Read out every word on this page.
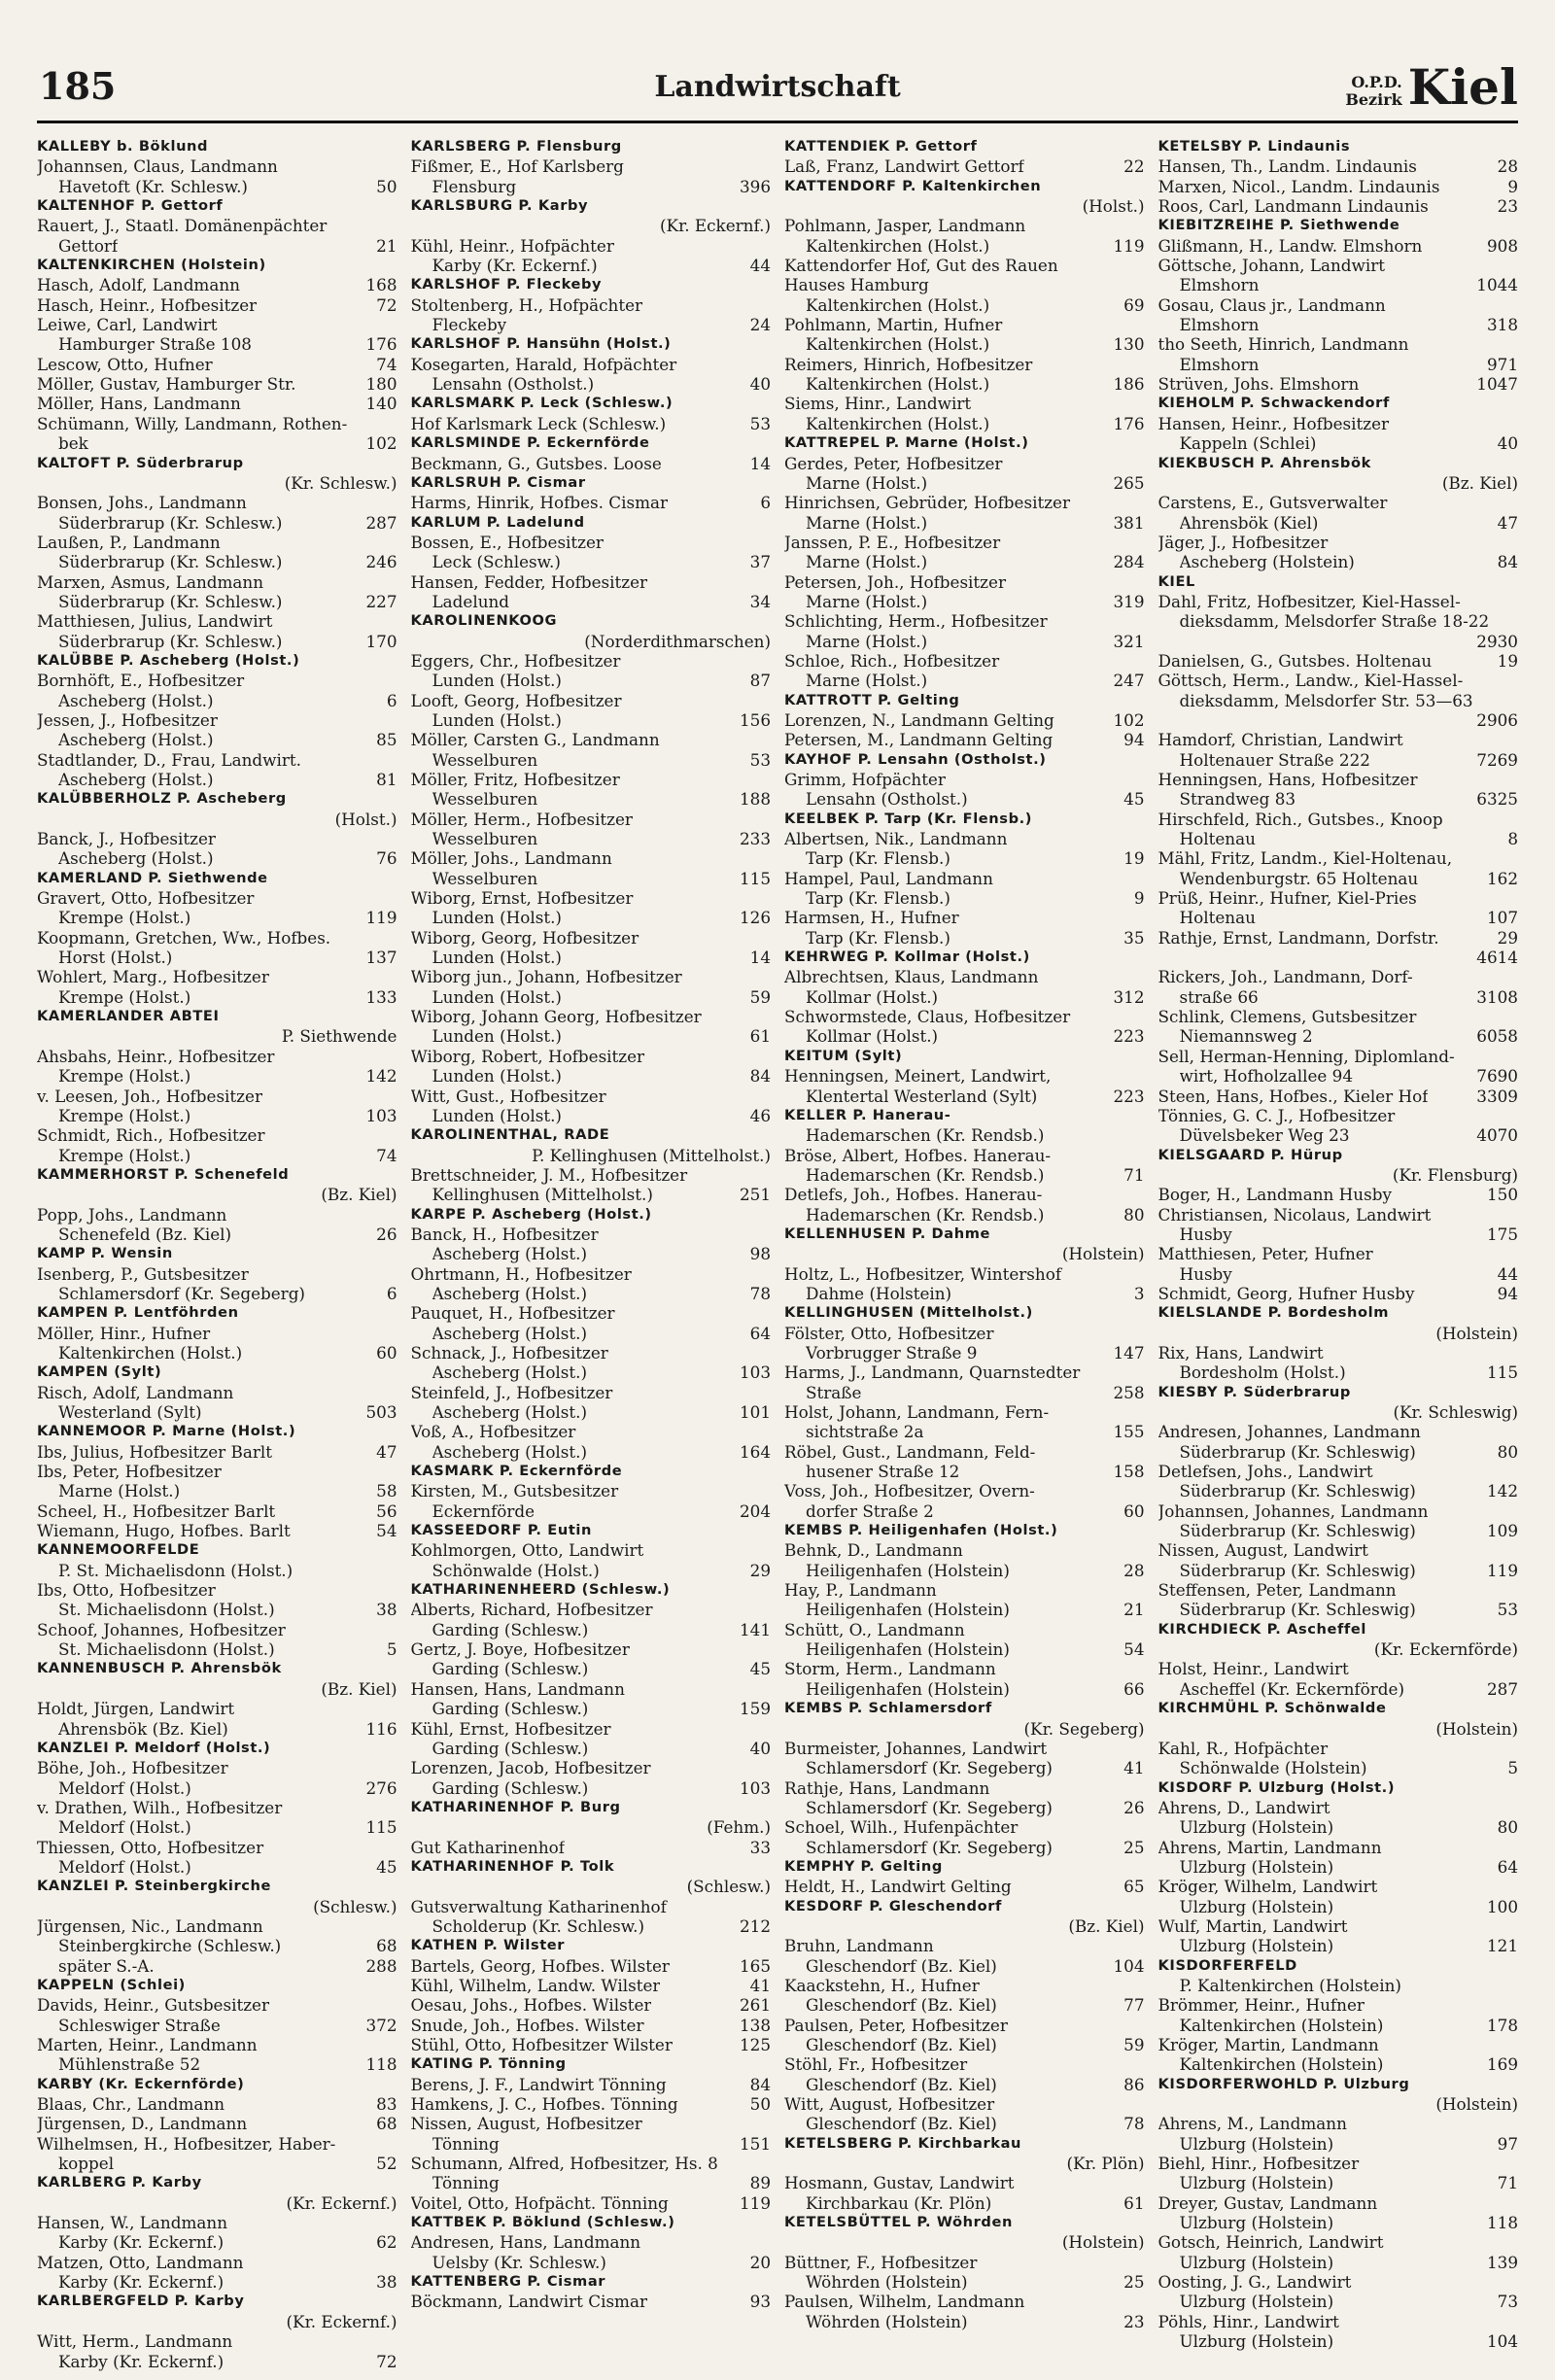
185	Landwirtschaft	O.P.D.
Bezirk Kiel
KALLEBY b. Böklund
Johannsen, Claus, Landmann
Havetoft (Kr. Schlesw.)	50
KALTENHOF P. Gettorf
Rauert, J., Staatl. Domänenpächter
Gettorf	21
KALTENKIRCHEN (Holstein)
Hasch, Adolf, Landmann	168
Hasch, Heinr., Hofbesitzer	72
Leiwe, Carl, Landwirt
Hamburger Straße 108	176
Lescow, Otto, Hufner	74
Möller, Gustav, Hamburger Str.	180
Möller, Hans, Landmann	140
Schümann, Willy, Landmann, Rothen-
bek	102
KALTOFT P. Süderbrarup
(Kr. Schlesw.)
Bonsen, Johs., Landmann
Süderbrarup (Kr. Schlesw.)	287
Laußen, P., Landmann
Süderbrarup (Kr. Schlesw.)	246
Marxen, Asmus, Landmann
Süderbrarup (Kr. Schlesw.)	227
Matthiesen, Julius, Landwirt
Süderbrarup (Kr. Schlesw.)	170
KALÜBBE P. Ascheberg (Holst.)
Bornhöft, E., Hofbesitzer
Ascheberg (Holst.)	6
Jessen, J., Hofbesitzer
Ascheberg (Holst.)	85
Stadtlander, D., Frau, Landwirt.
Ascheberg (Holst.)	81
KALÜBBERHOLZ P. Ascheberg
(Holst.)
Banck, J., Hofbesitzer
Ascheberg (Holst.)	76
KAMERLAND P. Siethwende
Gravert, Otto, Hofbesitzer
Krempe (Holst.)	119
Koopmann, Gretchen, Ww., Hofbes.
Horst (Holst.)	137
Wohlert, Marg., Hofbesitzer
Krempe (Holst.)	133
KAMERLANDER ABTEI
P. Siethwende
Ahsbahs, Heinr., Hofbesitzer
Krempe (Holst.)	142
v. Leesen, Joh., Hofbesitzer
Krempe (Holst.)	103
Schmidt, Rich., Hofbesitzer
Krempe (Holst.)	74
KAMMERHORST P. Schenefeld
(Bz. Kiel)
Popp, Johs., Landmann
Schenefeld (Bz. Kiel)	26
KAMP P. Wensin
Isenberg, P., Gutsbesitzer
Schlamersdorf (Kr. Segeberg)	6
KAMPEN P. Lentföhrden
Möller, Hinr., Hufner
Kaltenkirchen (Holst.)	60
KAMPEN (Sylt)
Risch, Adolf, Landmann
Westerland (Sylt)	503
KANNEMOOR P. Marne (Holst.)
Ibs, Julius, Hofbesitzer Barlt	47
Ibs, Peter, Hofbesitzer
Marne (Holst.)	58
Scheel, H., Hofbesitzer Barlt	56
Wiemann, Hugo, Hofbes. Barlt	54
KANNEMOORFELDE
P. St. Michaelisdonn (Holst.)
Ibs, Otto, Hofbesitzer
St. Michaelisdonn (Holst.)	38
Schoof, Johannes, Hofbesitzer
St. Michaelisdonn (Holst.)	5
KANNENBUSCH P. Ahrensbök
(Bz. Kiel)
Holdt, Jürgen, Landwirt
Ahrensbök (Bz. Kiel)	116
KANZLEI P. Meldorf (Holst.)
Böhe, Joh., Hofbesitzer
Meldorf (Holst.)	276
v. Drathen, Wilh., Hofbesitzer
Meldorf (Holst.)	115
Thiessen, Otto, Hofbesitzer
Meldorf (Holst.)	45
KANZLEI P. Steinbergkirche
(Schlesw.)
Jürgensen, Nic., Landmann
Steinbergkirche (Schlesw.)	68
später S.-A.	288
KAPPELN (Schlei)
Davids, Heinr., Gutsbesitzer
Schleswiger Straße	372
Marten, Heinr., Landmann
Mühlenstraße 52	118
KARBY (Kr. Eckernförde)
Blaas, Chr., Landmann	83
Jürgensen, D., Landmann	68
Wilhelmsen, H., Hofbesitzer, Haber-
koppel	52
KARLBERG P. Karby
(Kr. Eckernf.)
Hansen, W., Landmann
Karby (Kr. Eckernf.)	62
Matzen, Otto, Landmann
Karby (Kr. Eckernf.)	38
KARLBERGFELD P. Karby
(Kr. Eckernf.)
Witt, Herm., Landmann
Karby (Kr. Eckernf.)	72
KARLSBERG P. Flensburg
Fißmer, E., Hof Karlsberg
Flensburg	396
KARLSBURG P. Karby
(Kr. Eckernf.)
Kühl, Heinr., Hofpächter
Karby (Kr. Eckernf.)	44
KARLSHOF P. Fleckeby
Stoltenberg, H., Hofpächter
Fleckeby	24
KARLSHOF P. Hansühn (Holst.)
Kosegarten, Harald, Hofpächter
Lensahn (Ostholst.)	40
KARLSMARK P. Leck (Schlesw.)
Hof Karlsmark Leck (Schlesw.)	53
KARLSMINDE P. Eckernförde
Beckmann, G., Gutsbes. Loose	14
KARLSRUH P. Cismar
Harms, Hinrik, Hofbes. Cismar	6
KARLUM P. Ladelund
Bossen, E., Hofbesitzer
Leck (Schlesw.)	37
Hansen, Fedder, Hofbesitzer
Ladelund	34
KAROLINENKOOG
(Norderdithmarschen)
Eggers, Chr., Hofbesitzer
Lunden (Holst.)	87
Looft, Georg, Hofbesitzer
Lunden (Holst.)	156
Möller, Carsten G., Landmann
Wesselburen	53
Möller, Fritz, Hofbesitzer
Wesselburen	188
Möller, Herm., Hofbesitzer
Wesselburen	233
Möller, Johs., Landmann
Wesselburen	115
Wiborg, Ernst, Hofbesitzer
Lunden (Holst.)	126
Wiborg, Georg, Hofbesitzer
Lunden (Holst.)	14
Wiborg jun., Johann, Hofbesitzer
Lunden (Holst.)	59
Wiborg, Johann Georg, Hofbesitzer
Lunden (Holst.)	61
Wiborg, Robert, Hofbesitzer
Lunden (Holst.)	84
Witt, Gust., Hofbesitzer
Lunden (Holst.)	46
KAROLINENTHAL, RADE
P. Kellinghusen (Mittelholst.)
Brettschneider, J. M., Hofbesitzer
Kellinghusen (Mittelholst.)	251
KARPE P. Ascheberg (Holst.)
Banck, H., Hofbesitzer
Ascheberg (Holst.)	98
Ohrtmann, H., Hofbesitzer
Ascheberg (Holst.)	78
Pauquet, H., Hofbesitzer
Ascheberg (Holst.)	64
Schnack, J., Hofbesitzer
Ascheberg (Holst.)	103
Steinfeld, J., Hofbesitzer
Ascheberg (Holst.)	101
Voß, A., Hofbesitzer
Ascheberg (Holst.)	164
KASMARK P. Eckernförde
Kirsten, M., Gutsbesitzer
Eckernförde	204
KASSEEDORF P. Eutin
Kohlmorgen, Otto, Landwirt
Schönwalde (Holst.)	29
KATHARINENHEERD (Schlesw.)
Alberts, Richard, Hofbesitzer
Garding (Schlesw.)	141
Gertz, J. Boye, Hofbesitzer
Garding (Schlesw.)	45
Hansen, Hans, Landmann
Garding (Schlesw.)	159
Kühl, Ernst, Hofbesitzer
Garding (Schlesw.)	40
Lorenzen, Jacob, Hofbesitzer
Garding (Schlesw.)	103
KATHARINENHOF P. Burg
(Fehm.)
Gut Katharinenhof	33
KATHARINENHOF P. Tolk
(Schlesw.)
Gutsverwaltung Katharinenhof
Scholderup (Kr. Schlesw.)	212
KATHEN P. Wilster
Bartels, Georg, Hofbes. Wilster	165
Kühl, Wilhelm, Landw. Wilster	41
Oesau, Johs., Hofbes. Wilster	261
Snude, Joh., Hofbes. Wilster	138
Stühl, Otto, Hofbesitzer Wilster	125
KATING P. Tönning
Berens, J. F., Landwirt Tönning	84
Hamkens, J. C., Hofbes. Tönning	50
Nissen, August, Hofbesitzer
Tönning	151
Schumann, Alfred, Hofbesitzer, Hs. 8
Tönning	89
Voitel, Otto, Hofpächt. Tönning	119
KATTBEK P. Böklund (Schlesw.)
Andresen, Hans, Landmann
Uelsby (Kr. Schlesw.)	20
KATTENBERG P. Cismar
Böckmann, Landwirt Cismar	93
KATTENDIEK P. Gettorf
Laß, Franz, Landwirt Gettorf	22
KATTENDORF P. Kaltenkirchen
(Holst.)
Pohlmann, Jasper, Landmann
Kaltenkirchen (Holst.)	119
Kattendorfer Hof, Gut des Rauen
Hauses Hamburg
Kaltenkirchen (Holst.)	69
Pohlmann, Martin, Hufner
Kaltenkirchen (Holst.)	130
Reimers, Hinrich, Hofbesitzer
Kaltenkirchen (Holst.)	186
Siems, Hinr., Landwirt
Kaltenkirchen (Holst.)	176
KATTREPEL P. Marne (Holst.)
Gerdes, Peter, Hofbesitzer
Marne (Holst.)	265
Hinrichsen, Gebrüder, Hofbesitzer
Marne (Holst.)	381
Janssen, P. E., Hofbesitzer
Marne (Holst.)	284
Petersen, Joh., Hofbesitzer
Marne (Holst.)	319
Schlichting, Herm., Hofbesitzer
Marne (Holst.)	321
Schloe, Rich., Hofbesitzer
Marne (Holst.)	247
KATTROTT P. Gelting
Lorenzen, N., Landmann Gelting	102
Petersen, M., Landmann Gelting	94
KAYHOF P. Lensahn (Ostholst.)
Grimm, Hofpächter
Lensahn (Ostholst.)	45
KEELBEK P. Tarp (Kr. Flensb.)
Albertsen, Nik., Landmann
Tarp (Kr. Flensb.)	19
Hampel, Paul, Landmann
Tarp (Kr. Flensb.)	9
Harmsen, H., Hufner
Tarp (Kr. Flensb.)	35
KEHRWEG P. Kollmar (Holst.)
Albrechtsen, Klaus, Landmann
Kollmar (Holst.)	312
Schwormstede, Claus, Hofbesitzer
Kollmar (Holst.)	223
KEITUM (Sylt)
Henningsen, Meinert, Landwirt,
Klentertal Westerland (Sylt)	223
KELLER P. Hanerau-
Hademarschen (Kr. Rendsb.)
Bröse, Albert, Hofbes. Hanerau-
Hademarschen (Kr. Rendsb.)	71
Detlefs, Joh., Hofbes. Hanerau-
Hademarschen (Kr. Rendsb.)	80
KELLENHUSEN P. Dahme
(Holstein)
Holtz, L., Hofbesitzer, Wintershof
Dahme (Holstein)	3
KELLINGHUSEN (Mittelholst.)
Fölster, Otto, Hofbesitzer
Vorbrugger Straße 9	147
Harms, J., Landmann, Quarnstedter
Straße	258
Holst, Johann, Landmann, Fern-
sichtstraße 2a	155
Röbel, Gust., Landmann, Feld-
husener Straße 12	158
Voss, Joh., Hofbesitzer, Overn-
dorfer Straße 2	60
KEMBS P. Heiligenhafen (Holst.)
Behnk, D., Landmann
Heiligenhafen (Holstein)	28
Hay, P., Landmann
Heiligenhafen (Holstein)	21
Schütt, O., Landmann
Heiligenhafen (Holstein)	54
Storm, Herm., Landmann
Heiligenhafen (Holstein)	66
KEMBS P. Schlamersdorf
(Kr. Segeberg)
Burmeister, Johannes, Landwirt
Schlamersdorf (Kr. Segeberg)	41
Rathje, Hans, Landmann
Schlamersdorf (Kr. Segeberg)	26
Schoel, Wilh., Hufenpächter
Schlamersdorf (Kr. Segeberg)	25
KEMPHY P. Gelting
Heldt, H., Landwirt Gelting	65
KESDORF P. Gleschendorf
(Bz. Kiel)
Bruhn, Landmann
Gleschendorf (Bz. Kiel)	104
Kaackstehn, H., Hufner
Gleschendorf (Bz. Kiel)	77
Paulsen, Peter, Hofbesitzer
Gleschendorf (Bz. Kiel)	59
Stöhl, Fr., Hofbesitzer
Gleschendorf (Bz. Kiel)	86
Witt, August, Hofbesitzer
Gleschendorf (Bz. Kiel)	78
KETELSBERG P. Kirchbarkau
(Kr. Plön)
Hosmann, Gustav, Landwirt
Kirchbarkau (Kr. Plön)	61
KETELSBÜTTEL P. Wöhrden
(Holstein)
Büttner, F., Hofbesitzer
Wöhrden (Holstein)	25
Paulsen, Wilhelm, Landmann
Wöhrden (Holstein)	23
KETELSBY P. Lindaunis
Hansen, Th., Landm. Lindaunis	28
Marxen, Nicol., Landm. Lindaunis	9
Roos, Carl, Landmann Lindaunis	23
KIEBITZREIHE P. Siethwende
Glißmann, H., Landw. Elmshorn	908
Göttsche, Johann, Landwirt
Elmshorn	1044
Gosau, Claus jr., Landmann
Elmshorn	318
tho Seeth, Hinrich, Landmann
Elmshorn	971
Strüven, Johs. Elmshorn	1047
KIEHOLM P. Schwackendorf
Hansen, Heinr., Hofbesitzer
Kappeln (Schlei)	40
KIEKBUSCH P. Ahrensbök
(Bz. Kiel)
Carstens, E., Gutsverwalter
Ahrensbök (Kiel)	47
Jäger, J., Hofbesitzer
Ascheberg (Holstein)	84
KIEL
Dahl, Fritz, Hofbesitzer, Kiel-Hassel-
dieksdamm, Melsdorfer Straße 18-22
2930
Danielsen, G., Gutsbes. Holtenau	19
Göttsch, Herm., Landw., Kiel-Hassel-
dieksdamm, Melsdorfer Str. 53—63
2906
Hamdorf, Christian, Landwirt
Holtenauer Straße 222	7269
Henningsen, Hans, Hofbesitzer
Strandweg 83	6325
Hirschfeld, Rich., Gutsbes., Knoop
Holtenau	8
Mähl, Fritz, Landm., Kiel-Holtenau,
Wendenburgstr. 65 Holtenau	162
Prüß, Heinr., Hufner, Kiel-Pries
Holtenau	107
Rathje, Ernst, Landmann, Dorfstr.	29
4614
Rickers, Joh., Landmann, Dorf-
straße 66	3108
Schlink, Clemens, Gutsbesitzer
Niemannsweg 2	6058
Sell, Herman-Henning, Diplomland-
wirt, Hofholzallee 94	7690
Steen, Hans, Hofbes., Kieler Hof	3309
Tönnies, G. C. J., Hofbesitzer
Düvelsbeker Weg 23	4070
KIELSGAARD P. Hürup
(Kr. Flensburg)
Boger, H., Landmann Husby	150
Christiansen, Nicolaus, Landwirt
Husby	175
Matthiesen, Peter, Hufner
Husby	44
Schmidt, Georg, Hufner Husby	94
KIELSLANDE P. Bordesholm
(Holstein)
Rix, Hans, Landwirt
Bordesholm (Holst.)	115
KIESBY P. Süderbrarup
(Kr. Schleswig)
Andresen, Johannes, Landmann
Süderbrarup (Kr. Schleswig)	80
Detlefsen, Johs., Landwirt
Süderbrarup (Kr. Schleswig)	142
Johannsen, Johannes, Landmann
Süderbrarup (Kr. Schleswig)	109
Nissen, August, Landwirt
Süderbrarup (Kr. Schleswig)	119
Steffensen, Peter, Landmann
Süderbrarup (Kr. Schleswig)	53
KIRCHDIECK P. Ascheffel
(Kr. Eckernförde)
Holst, Heinr., Landwirt
Ascheffel (Kr. Eckernförde)	287
KIRCHMÜHL P. Schönwalde
(Holstein)
Kahl, R., Hofpächter
Schönwalde (Holstein)	5
KISDORF P. Ulzburg (Holst.)
Ahrens, D., Landwirt
Ulzburg (Holstein)	80
Ahrens, Martin, Landmann
Ulzburg (Holstein)	64
Kröger, Wilhelm, Landwirt
Ulzburg (Holstein)	100
Wulf, Martin, Landwirt
Ulzburg (Holstein)	121
KISDORFERFELD
P. Kaltenkirchen (Holstein)
Brömmer, Heinr., Hufner
Kaltenkirchen (Holstein)	178
Kröger, Martin, Landmann
Kaltenkirchen (Holstein)	169
KISDORFERWOHLD P. Ulzburg
(Holstein)
Ahrens, M., Landmann
Ulzburg (Holstein)	97
Biehl, Hinr., Hofbesitzer
Ulzburg (Holstein)	71
Dreyer, Gustav, Landmann
Ulzburg (Holstein)	118
Gotsch, Heinrich, Landwirt
Ulzburg (Holstein)	139
Oosting, J. G., Landwirt
Ulzburg (Holstein)	73
Pöhls, Hinr., Landwirt
Ulzburg (Holstein)	104
